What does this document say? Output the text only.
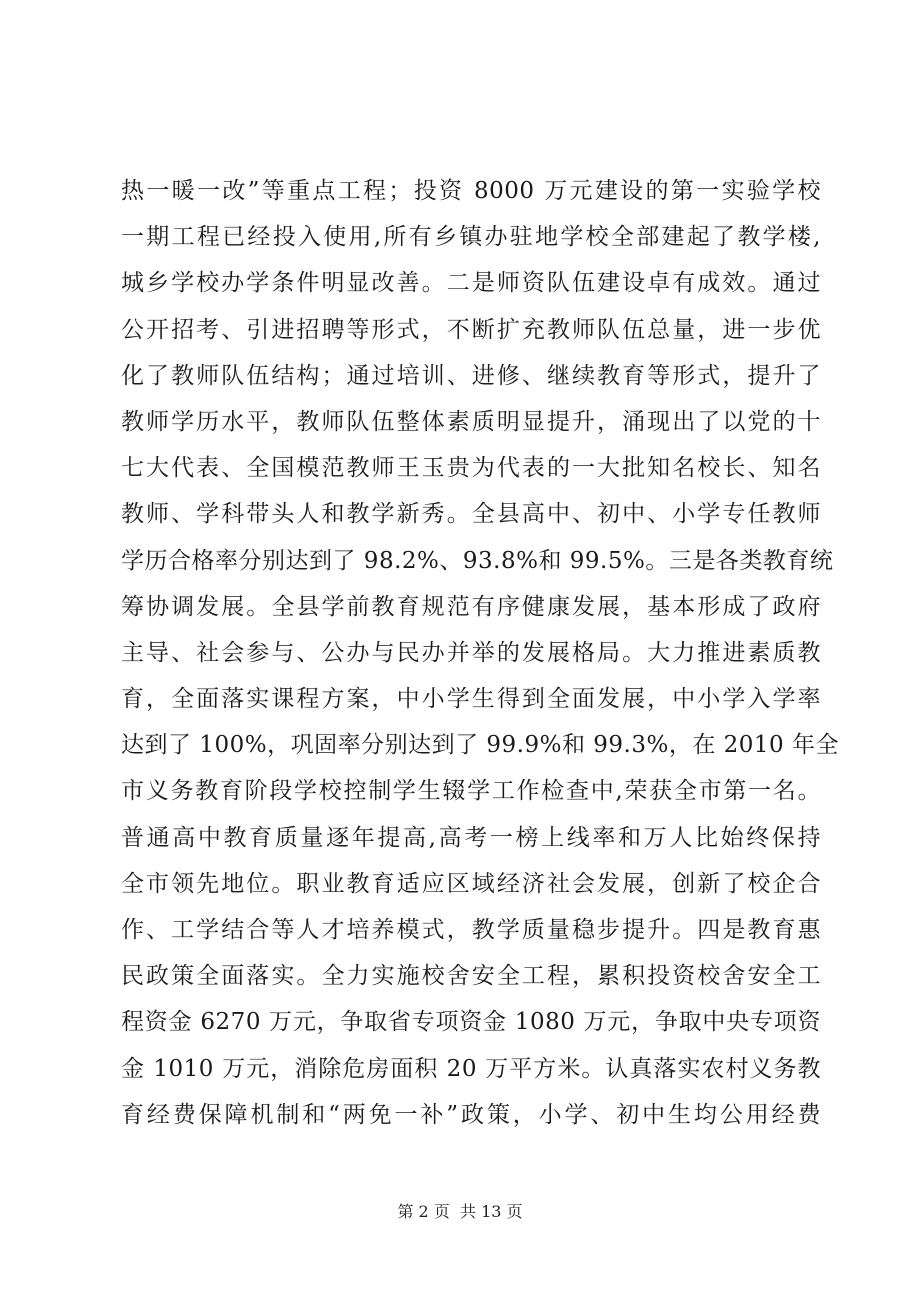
热一暖一改”等重点工程；投资 8000 万元建设的第一实验学校
一期工程已经投入使用,所有乡镇办驻地学校全部建起了教学楼,
城乡学校办学条件明显改善。二是师资队伍建设卓有成效。通过
公开招考、引进招聘等形式，不断扩充教师队伍总量，进一步优
化了教师队伍结构；通过培训、进修、继续教育等形式，提升了
教师学历水平，教师队伍整体素质明显提升，涌现出了以党的十
七大代表、全国模范教师王玉贵为代表的一大批知名校长、知名
教师、学科带头人和教学新秀。全县高中、初中、小学专任教师
学历合格率分别达到了 98.2%、93.8%和 99.5%。三是各类教育统
筹协调发展。全县学前教育规范有序健康发展，基本形成了政府
主导、社会参与、公办与民办并举的发展格局。大力推进素质教
育，全面落实课程方案，中小学生得到全面发展，中小学入学率
达到了 100%，巩固率分别达到了 99.9%和 99.3%，在 2010 年全
市义务教育阶段学校控制学生辍学工作检查中,荣获全市第一名。
普通高中教育质量逐年提高,高考一榜上线率和万人比始终保持
全市领先地位。职业教育适应区域经济社会发展，创新了校企合
作、工学结合等人才培养模式，教学质量稳步提升。四是教育惠
民政策全面落实。全力实施校舍安全工程，累积投资校舍安全工
程资金 6270 万元，争取省专项资金 1080 万元，争取中央专项资
金 1010 万元，消除危房面积 20 万平方米。认真落实农村义务教
育经费保障机制和“两免一补”政策，小学、初中生均公用经费
第 2 页  共 13 页
